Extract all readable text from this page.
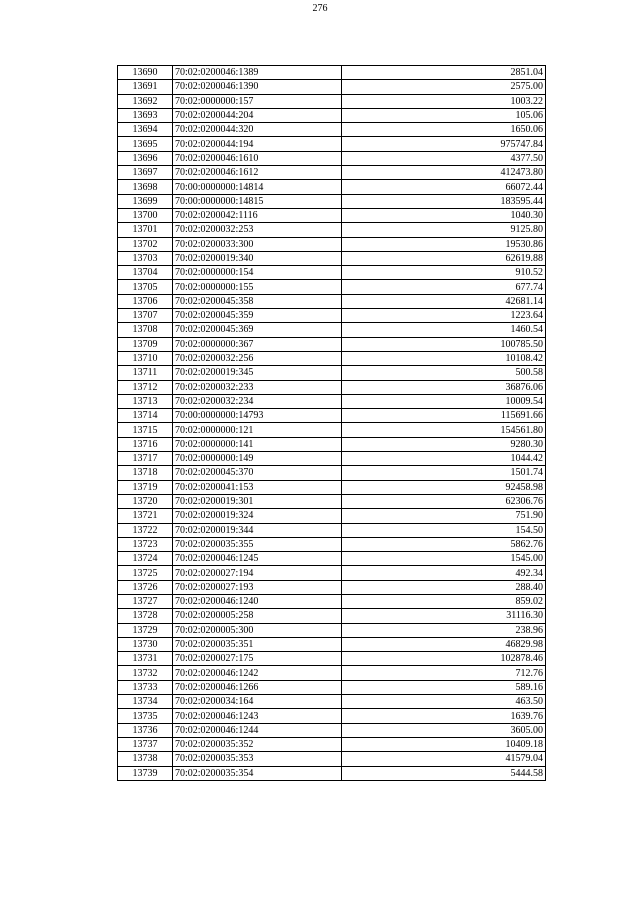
276
13690	70:02:0200046:1389	2851.04
13691	70:02:0200046:1390	2575.00
13692	70:02:0000000:157	1003.22
13693	70:02:0200044:204	105.06
13694	70:02:0200044:320	1650.06
13695	70:02:0200044:194	975747.84
13696	70:02:0200046:1610	4377.50
13697	70:02:0200046:1612	412473.80
13698	70:00:0000000:14814	66072.44
13699	70:00:0000000:14815	183595.44
13700	70:02:0200042:1116	1040.30
13701	70:02:0200032:253	9125.80
13702	70:02:0200033:300	19530.86
13703	70:02:0200019:340	62619.88
13704	70:02:0000000:154	910.52
13705	70:02:0000000:155	677.74
13706	70:02:0200045:358	42681.14
13707	70:02:0200045:359	1223.64
13708	70:02:0200045:369	1460.54
13709	70:02:0000000:367	100785.50
13710	70:02:0200032:256	10108.42
13711	70:02:0200019:345	500.58
13712	70:02:0200032:233	36876.06
13713	70:02:0200032:234	10009.54
13714	70:00:0000000:14793	115691.66
13715	70:02:0000000:121	154561.80
13716	70:02:0000000:141	9280.30
13717	70:02:0000000:149	1044.42
13718	70:02:0200045:370	1501.74
13719	70:02:0200041:153	92458.98
13720	70:02:0200019:301	62306.76
13721	70:02:0200019:324	751.90
13722	70:02:0200019:344	154.50
13723	70:02:0200035:355	5862.76
13724	70:02:0200046:1245	1545.00
13725	70:02:0200027:194	492.34
13726	70:02:0200027:193	288.40
13727	70:02:0200046:1240	859.02
13728	70:02:0200005:258	31116.30
13729	70:02:0200005:300	238.96
13730	70:02:0200035:351	46829.98
13731	70:02:0200027:175	102878.46
13732	70:02:0200046:1242	712.76
13733	70:02:0200046:1266	589.16
13734	70:02:0200034:164	463.50
13735	70:02:0200046:1243	1639.76
13736	70:02:0200046:1244	3605.00
13737	70:02:0200035:352	10409.18
13738	70:02:0200035:353	41579.04
13739	70:02:0200035:354	5444.58
